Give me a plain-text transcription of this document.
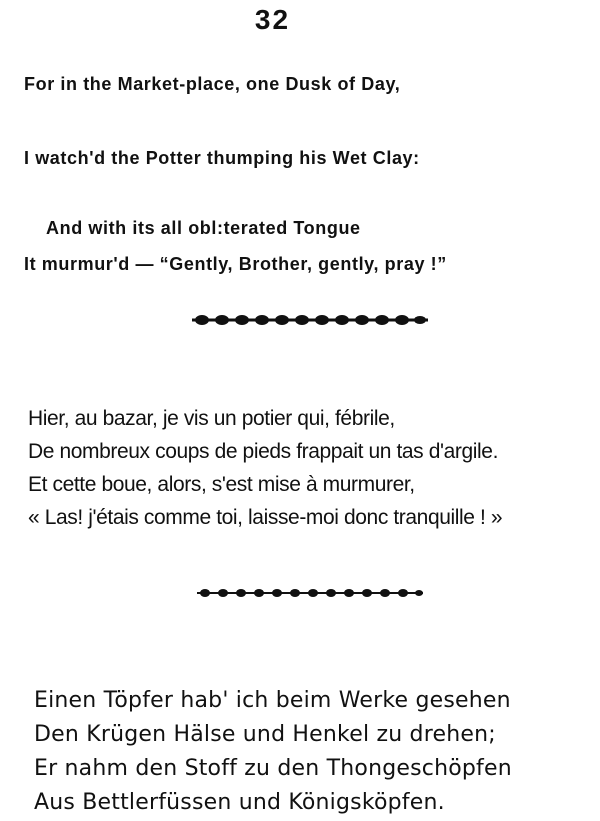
32
For in the Market-place, one Dusk of Day,
I watch'd the Potter thumping his Wet Clay:
And with its all obl:terated Tongue
It murmur'd — “Gently, Brother, gently, pray !”
Hier, au bazar, je vis un potier qui, fébrile,
De nombreux coups de pieds frappait un tas d'argile.
Et cette boue, alors, s'est mise à murmurer,
« Las! j'étais comme toi, laisse-moi donc tranquille ! »
Einen Töpfer hab' ich beim Werke gesehen
Den Krügen Hälse und Henkel zu drehen;
Er nahm den Stoff zu den Thongeschöpfen
Aus Bettlerfüssen und Königsköpfen.
